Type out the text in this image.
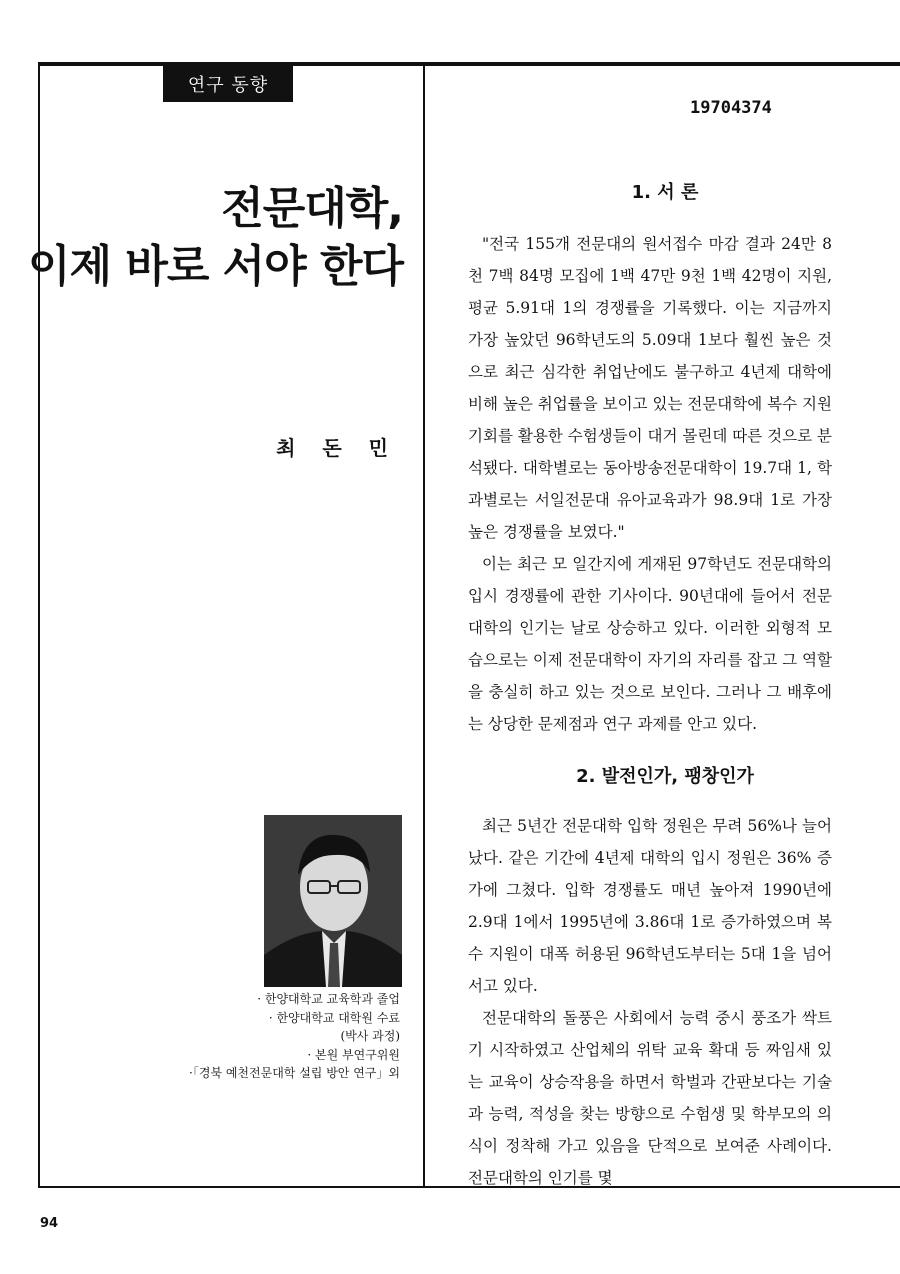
연구 동향
19704374
전문대학,
이제 바로 서야 한다
최 돈 민
· 한양대학교 교육학과 졸업
· 한양대학교 대학원 수료
(박사 과정)
· 본원 부연구위원
·「경북 예천전문대학 설립 방안 연구」외
1. 서 론
"전국 155개 전문대의 원서접수 마감 결과 24만 8천 7백 84명 모집에 1백 47만 9천 1백 42명이 지원, 평균 5.91대 1의 경쟁률을 기록했다. 이는 지금까지 가장 높았던 96학년도의 5.09대 1보다 훨씬 높은 것으로 최근 심각한 취업난에도 불구하고 4년제 대학에 비해 높은 취업률을 보이고 있는 전문대학에 복수 지원 기회를 활용한 수험생들이 대거 몰린데 따른 것으로 분석됐다. 대학별로는 동아방송전문대학이 19.7대 1, 학과별로는 서일전문대 유아교육과가 98.9대 1로 가장 높은 경쟁률을 보였다."
이는 최근 모 일간지에 게재된 97학년도 전문대학의 입시 경쟁률에 관한 기사이다. 90년대에 들어서 전문대학의 인기는 날로 상승하고 있다. 이러한 외형적 모습으로는 이제 전문대학이 자기의 자리를 잡고 그 역할을 충실히 하고 있는 것으로 보인다. 그러나 그 배후에는 상당한 문제점과 연구 과제를 안고 있다.
2. 발전인가, 팽창인가
최근 5년간 전문대학 입학 정원은 무려 56%나 늘어났다. 같은 기간에 4년제 대학의 입시 정원은 36% 증가에 그쳤다. 입학 경쟁률도 매년 높아져 1990년에 2.9대 1에서 1995년에 3.86대 1로 증가하였으며 복수 지원이 대폭 허용된 96학년도부터는 5대 1을 넘어 서고 있다.
전문대학의 돌풍은 사회에서 능력 중시 풍조가 싹트기 시작하였고 산업체의 위탁 교육 확대 등 짜임새 있는 교육이 상승작용을 하면서 학벌과 간판보다는 기술과 능력, 적성을 찾는 방향으로 수험생 및 학부모의 의식이 정착해 가고 있음을 단적으로 보여준 사례이다. 전문대학의 인기를 몇
94
